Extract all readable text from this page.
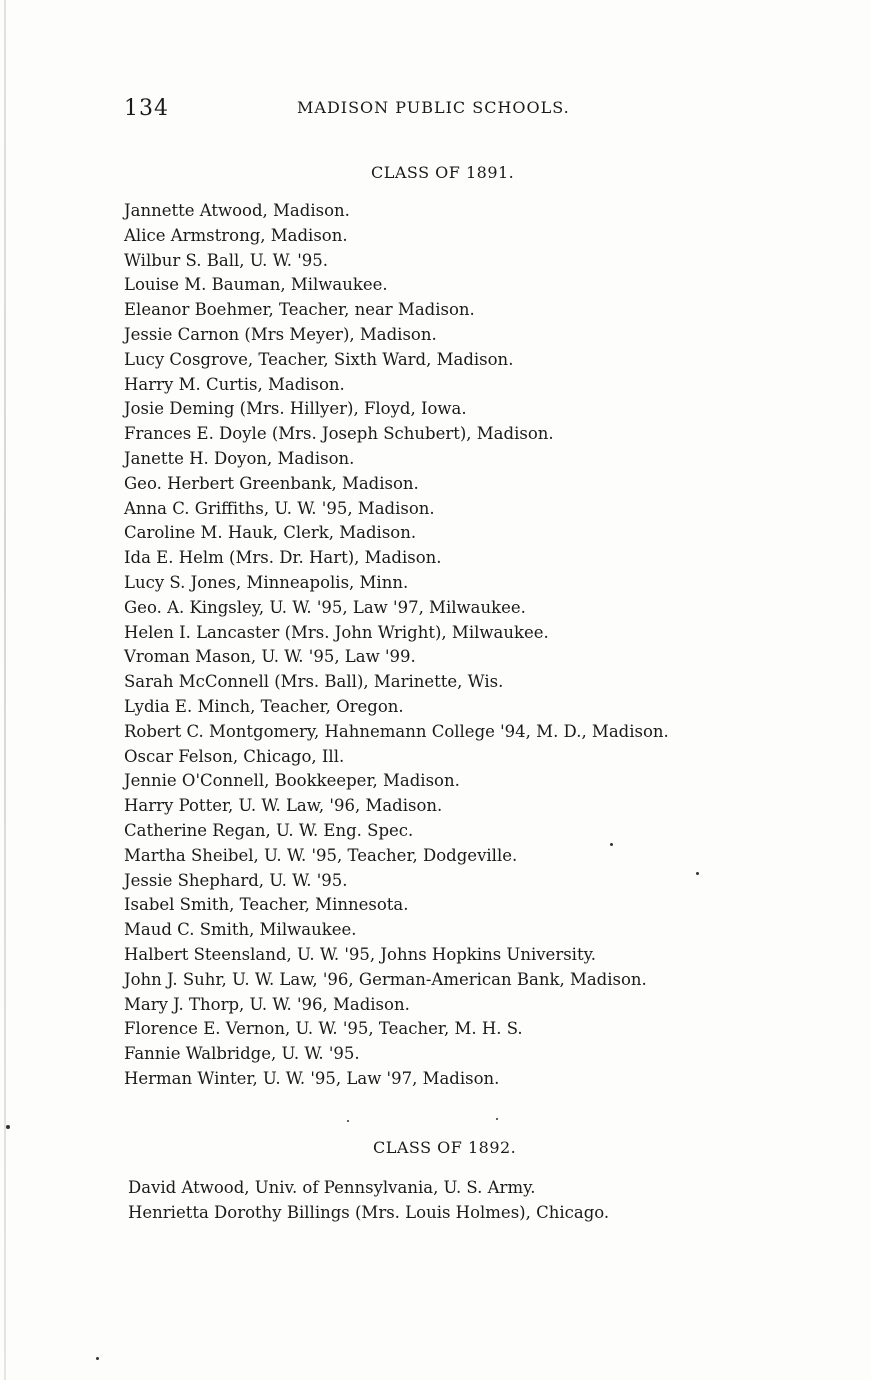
134	MADISON PUBLIC SCHOOLS.
CLASS OF 1891.
Jannette Atwood, Madison.
Alice Armstrong, Madison.
Wilbur S. Ball, U. W. '95.
Louise M. Bauman, Milwaukee.
Eleanor Boehmer, Teacher, near Madison.
Jessie Carnon (Mrs Meyer), Madison.
Lucy Cosgrove, Teacher, Sixth Ward, Madison.
Harry M. Curtis, Madison.
Josie Deming (Mrs. Hillyer), Floyd, Iowa.
Frances E. Doyle (Mrs. Joseph Schubert), Madison.
Janette H. Doyon, Madison.
Geo. Herbert Greenbank, Madison.
Anna C. Griffiths, U. W. '95, Madison.
Caroline M. Hauk, Clerk, Madison.
Ida E. Helm (Mrs. Dr. Hart), Madison.
Lucy S. Jones, Minneapolis, Minn.
Geo. A. Kingsley, U. W. '95, Law '97, Milwaukee.
Helen I. Lancaster (Mrs. John Wright), Milwaukee.
Vroman Mason, U. W. '95, Law '99.
Sarah McConnell (Mrs. Ball), Marinette, Wis.
Lydia E. Minch, Teacher, Oregon.
Robert C. Montgomery, Hahnemann College '94, M. D., Madison.
Oscar Felson, Chicago, Ill.
Jennie O'Connell, Bookkeeper, Madison.
Harry Potter, U. W. Law, '96, Madison.
Catherine Regan, U. W. Eng. Spec.
Martha Sheibel, U. W. '95, Teacher, Dodgeville.
Jessie Shephard, U. W. '95.
Isabel Smith, Teacher, Minnesota.
Maud C. Smith, Milwaukee.
Halbert Steensland, U. W. '95, Johns Hopkins University.
John J. Suhr, U. W. Law, '96, German-American Bank, Madison.
Mary J. Thorp, U. W. '96, Madison.
Florence E. Vernon, U. W. '95, Teacher, M. H. S.
Fannie Walbridge, U. W. '95.
Herman Winter, U. W. '95, Law '97, Madison.
CLASS OF 1892.
David Atwood, Univ. of Pennsylvania, U. S. Army.
Henrietta Dorothy Billings (Mrs. Louis Holmes), Chicago.
